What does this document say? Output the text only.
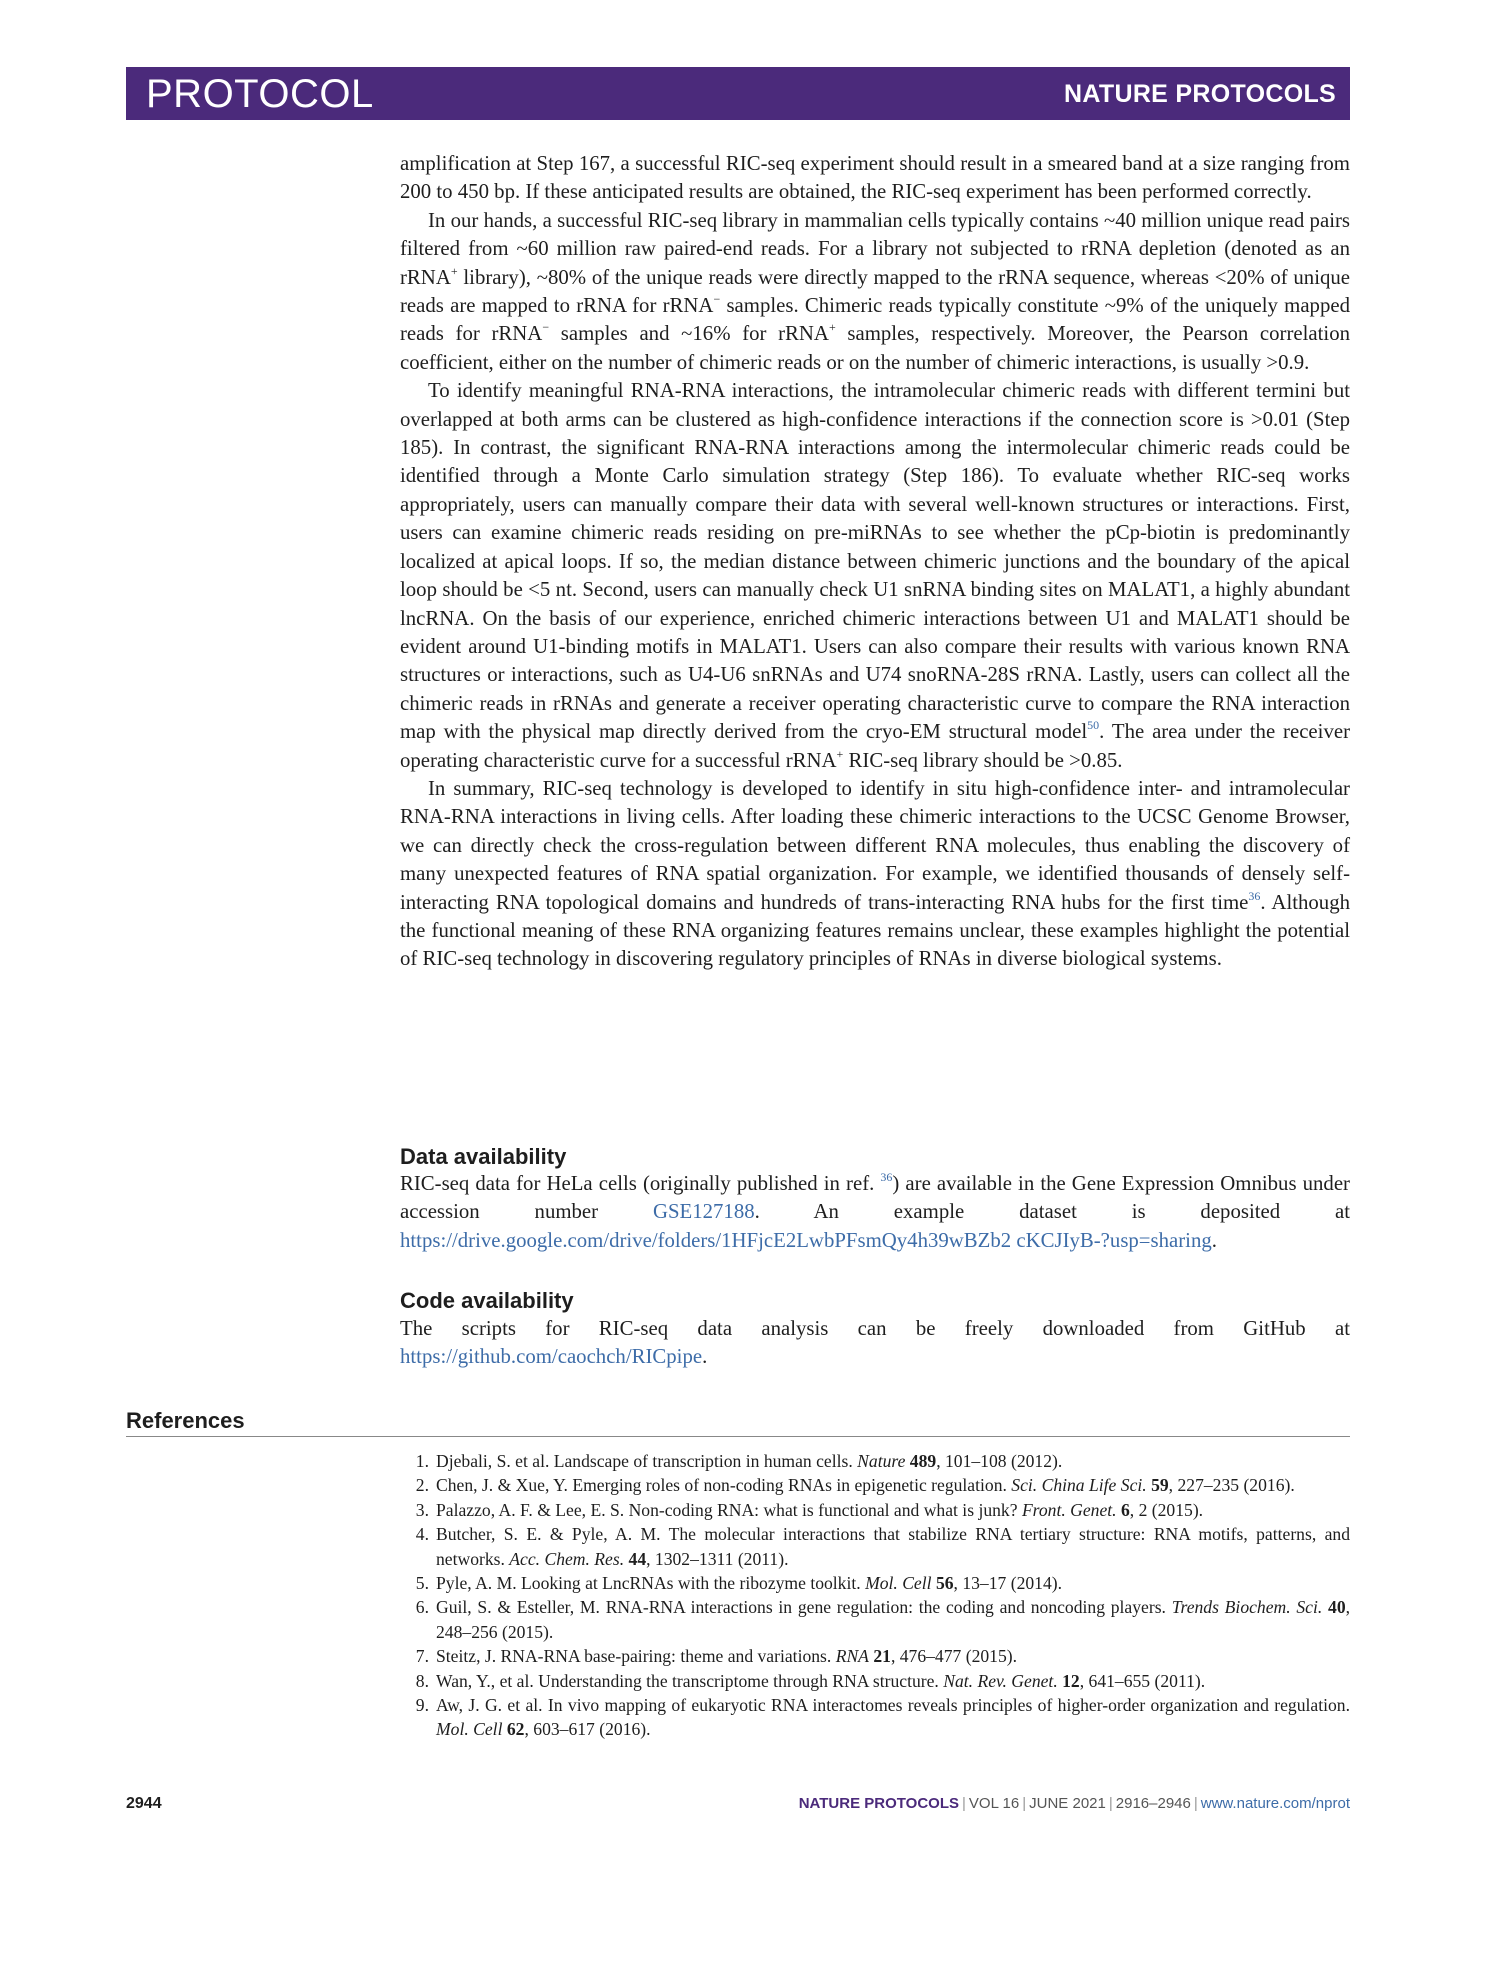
PROTOCOL	NATURE PROTOCOLS

amplification at Step 167, a successful RIC-seq experiment should result in a smeared band at a size ranging from 200 to 450 bp. If these anticipated results are obtained, the RIC-seq experiment has been performed correctly.

In our hands, a successful RIC-seq library in mammalian cells typically contains ~40 million unique read pairs filtered from ~60 million raw paired-end reads. For a library not subjected to rRNA depletion (denoted as an rRNA+ library), ~80% of the unique reads were directly mapped to the rRNA sequence, whereas <20% of unique reads are mapped to rRNA for rRNA− samples. Chimeric reads typically constitute ~9% of the uniquely mapped reads for rRNA− samples and ~16% for rRNA+ samples, respectively. Moreover, the Pearson correlation coefficient, either on the number of chimeric reads or on the number of chimeric interactions, is usually >0.9.

To identify meaningful RNA-RNA interactions, the intramolecular chimeric reads with different termini but overlapped at both arms can be clustered as high-confidence interactions if the connection score is >0.01 (Step 185). In contrast, the significant RNA-RNA interactions among the intermolecular chimeric reads could be identified through a Monte Carlo simulation strategy (Step 186). To evaluate whether RIC-seq works appropriately, users can manually compare their data with several well-known structures or interactions. First, users can examine chimeric reads residing on pre-miRNAs to see whether the pCp-biotin is predominantly localized at apical loops. If so, the median distance between chimeric junctions and the boundary of the apical loop should be <5 nt. Second, users can manually check U1 snRNA binding sites on MALAT1, a highly abundant lncRNA. On the basis of our experience, enriched chimeric interactions between U1 and MALAT1 should be evident around U1-binding motifs in MALAT1. Users can also compare their results with various known RNA structures or interactions, such as U4-U6 snRNAs and U74 snoRNA-28S rRNA. Lastly, users can collect all the chimeric reads in rRNAs and generate a receiver operating characteristic curve to compare the RNA interaction map with the physical map directly derived from the cryo-EM structural model$^{50}$. The area under the receiver operating characteristic curve for a successful rRNA+ RIC-seq library should be >0.85.

In summary, RIC-seq technology is developed to identify in situ high-confidence inter- and intramolecular RNA-RNA interactions in living cells. After loading these chimeric interactions to the UCSC Genome Browser, we can directly check the cross-regulation between different RNA molecules, thus enabling the discovery of many unexpected features of RNA spatial organization. For example, we identified thousands of densely self-interacting RNA topological domains and hundreds of trans-interacting RNA hubs for the first time$^{36}$. Although the functional meaning of these RNA organizing features remains unclear, these examples highlight the potential of RIC-seq technology in discovering regulatory principles of RNAs in diverse biological systems.

Data availability
RIC-seq data for HeLa cells (originally published in ref. $^{36}$) are available in the Gene Expression Omnibus under accession number GSE127188. An example dataset is deposited at https://drive.google.com/drive/folders/1HFjcE2LwbPFsmQy4h39wBZb2 cKCJIyB-?usp=sharing.
Code availability
The scripts for RIC-seq data analysis can be freely downloaded from GitHub at https://github.com/caochch/RICpipe.
References
1. Djebali, S. et al. Landscape of transcription in human cells. Nature 489, 101–108 (2012).
2. Chen, J. & Xue, Y. Emerging roles of non-coding RNAs in epigenetic regulation. Sci. China Life Sci. 59, 227–235 (2016).
3. Palazzo, A. F. & Lee, E. S. Non-coding RNA: what is functional and what is junk? Front. Genet. 6, 2 (2015).
4. Butcher, S. E. & Pyle, A. M. The molecular interactions that stabilize RNA tertiary structure: RNA motifs, patterns, and networks. Acc. Chem. Res. 44, 1302–1311 (2011).
5. Pyle, A. M. Looking at LncRNAs with the ribozyme toolkit. Mol. Cell 56, 13–17 (2014).
6. Guil, S. & Esteller, M. RNA-RNA interactions in gene regulation: the coding and noncoding players. Trends Biochem. Sci. 40, 248–256 (2015).
7. Steitz, J. RNA-RNA base-pairing: theme and variations. RNA 21, 476–477 (2015).
8. Wan, Y., et al. Understanding the transcriptome through RNA structure. Nat. Rev. Genet. 12, 641–655 (2011).
9. Aw, J. G. et al. In vivo mapping of eukaryotic RNA interactomes reveals principles of higher-order organization and regulation. Mol. Cell 62, 603–617 (2016).
2944	NATURE PROTOCOLS | VOL 16 | JUNE 2021 | 2916–2946 | www.nature.com/nprot
